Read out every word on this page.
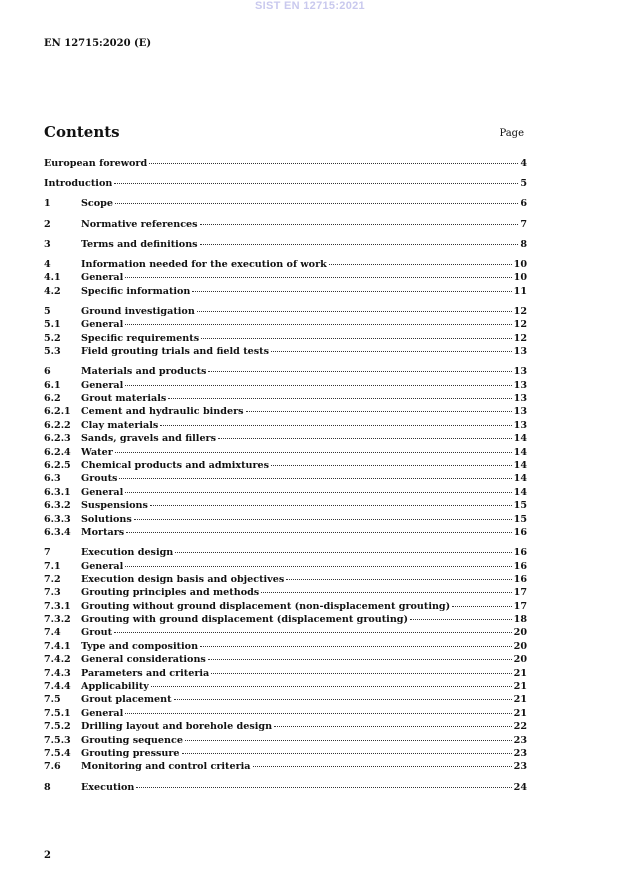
SIST EN 12715:2021
EN 12715:2020 (E)
Contents	Page
European foreword	4
Introduction	5
1	Scope	6
2	Normative references	7
3	Terms and definitions	8
4	Information needed for the execution of work	10
4.1	General	10
4.2	Specific information	11
5	Ground investigation	12
5.1	General	12
5.2	Specific requirements	12
5.3	Field grouting trials and field tests	13
6	Materials and products	13
6.1	General	13
6.2	Grout materials	13
6.2.1	Cement and hydraulic binders	13
6.2.2	Clay materials	13
6.2.3	Sands, gravels and fillers	14
6.2.4	Water	14
6.2.5	Chemical products and admixtures	14
6.3	Grouts	14
6.3.1	General	14
6.3.2	Suspensions	15
6.3.3	Solutions	15
6.3.4	Mortars	16
7	Execution design	16
7.1	General	16
7.2	Execution design basis and objectives	16
7.3	Grouting principles and methods	17
7.3.1	Grouting without ground displacement (non-displacement grouting)	17
7.3.2	Grouting with ground displacement (displacement grouting)	18
7.4	Grout	20
7.4.1	Type and composition	20
7.4.2	General considerations	20
7.4.3	Parameters and criteria	21
7.4.4	Applicability	21
7.5	Grout placement	21
7.5.1	General	21
7.5.2	Drilling layout and borehole design	22
7.5.3	Grouting sequence	23
7.5.4	Grouting pressure	23
7.6	Monitoring and control criteria	23
8	Execution	24
2
